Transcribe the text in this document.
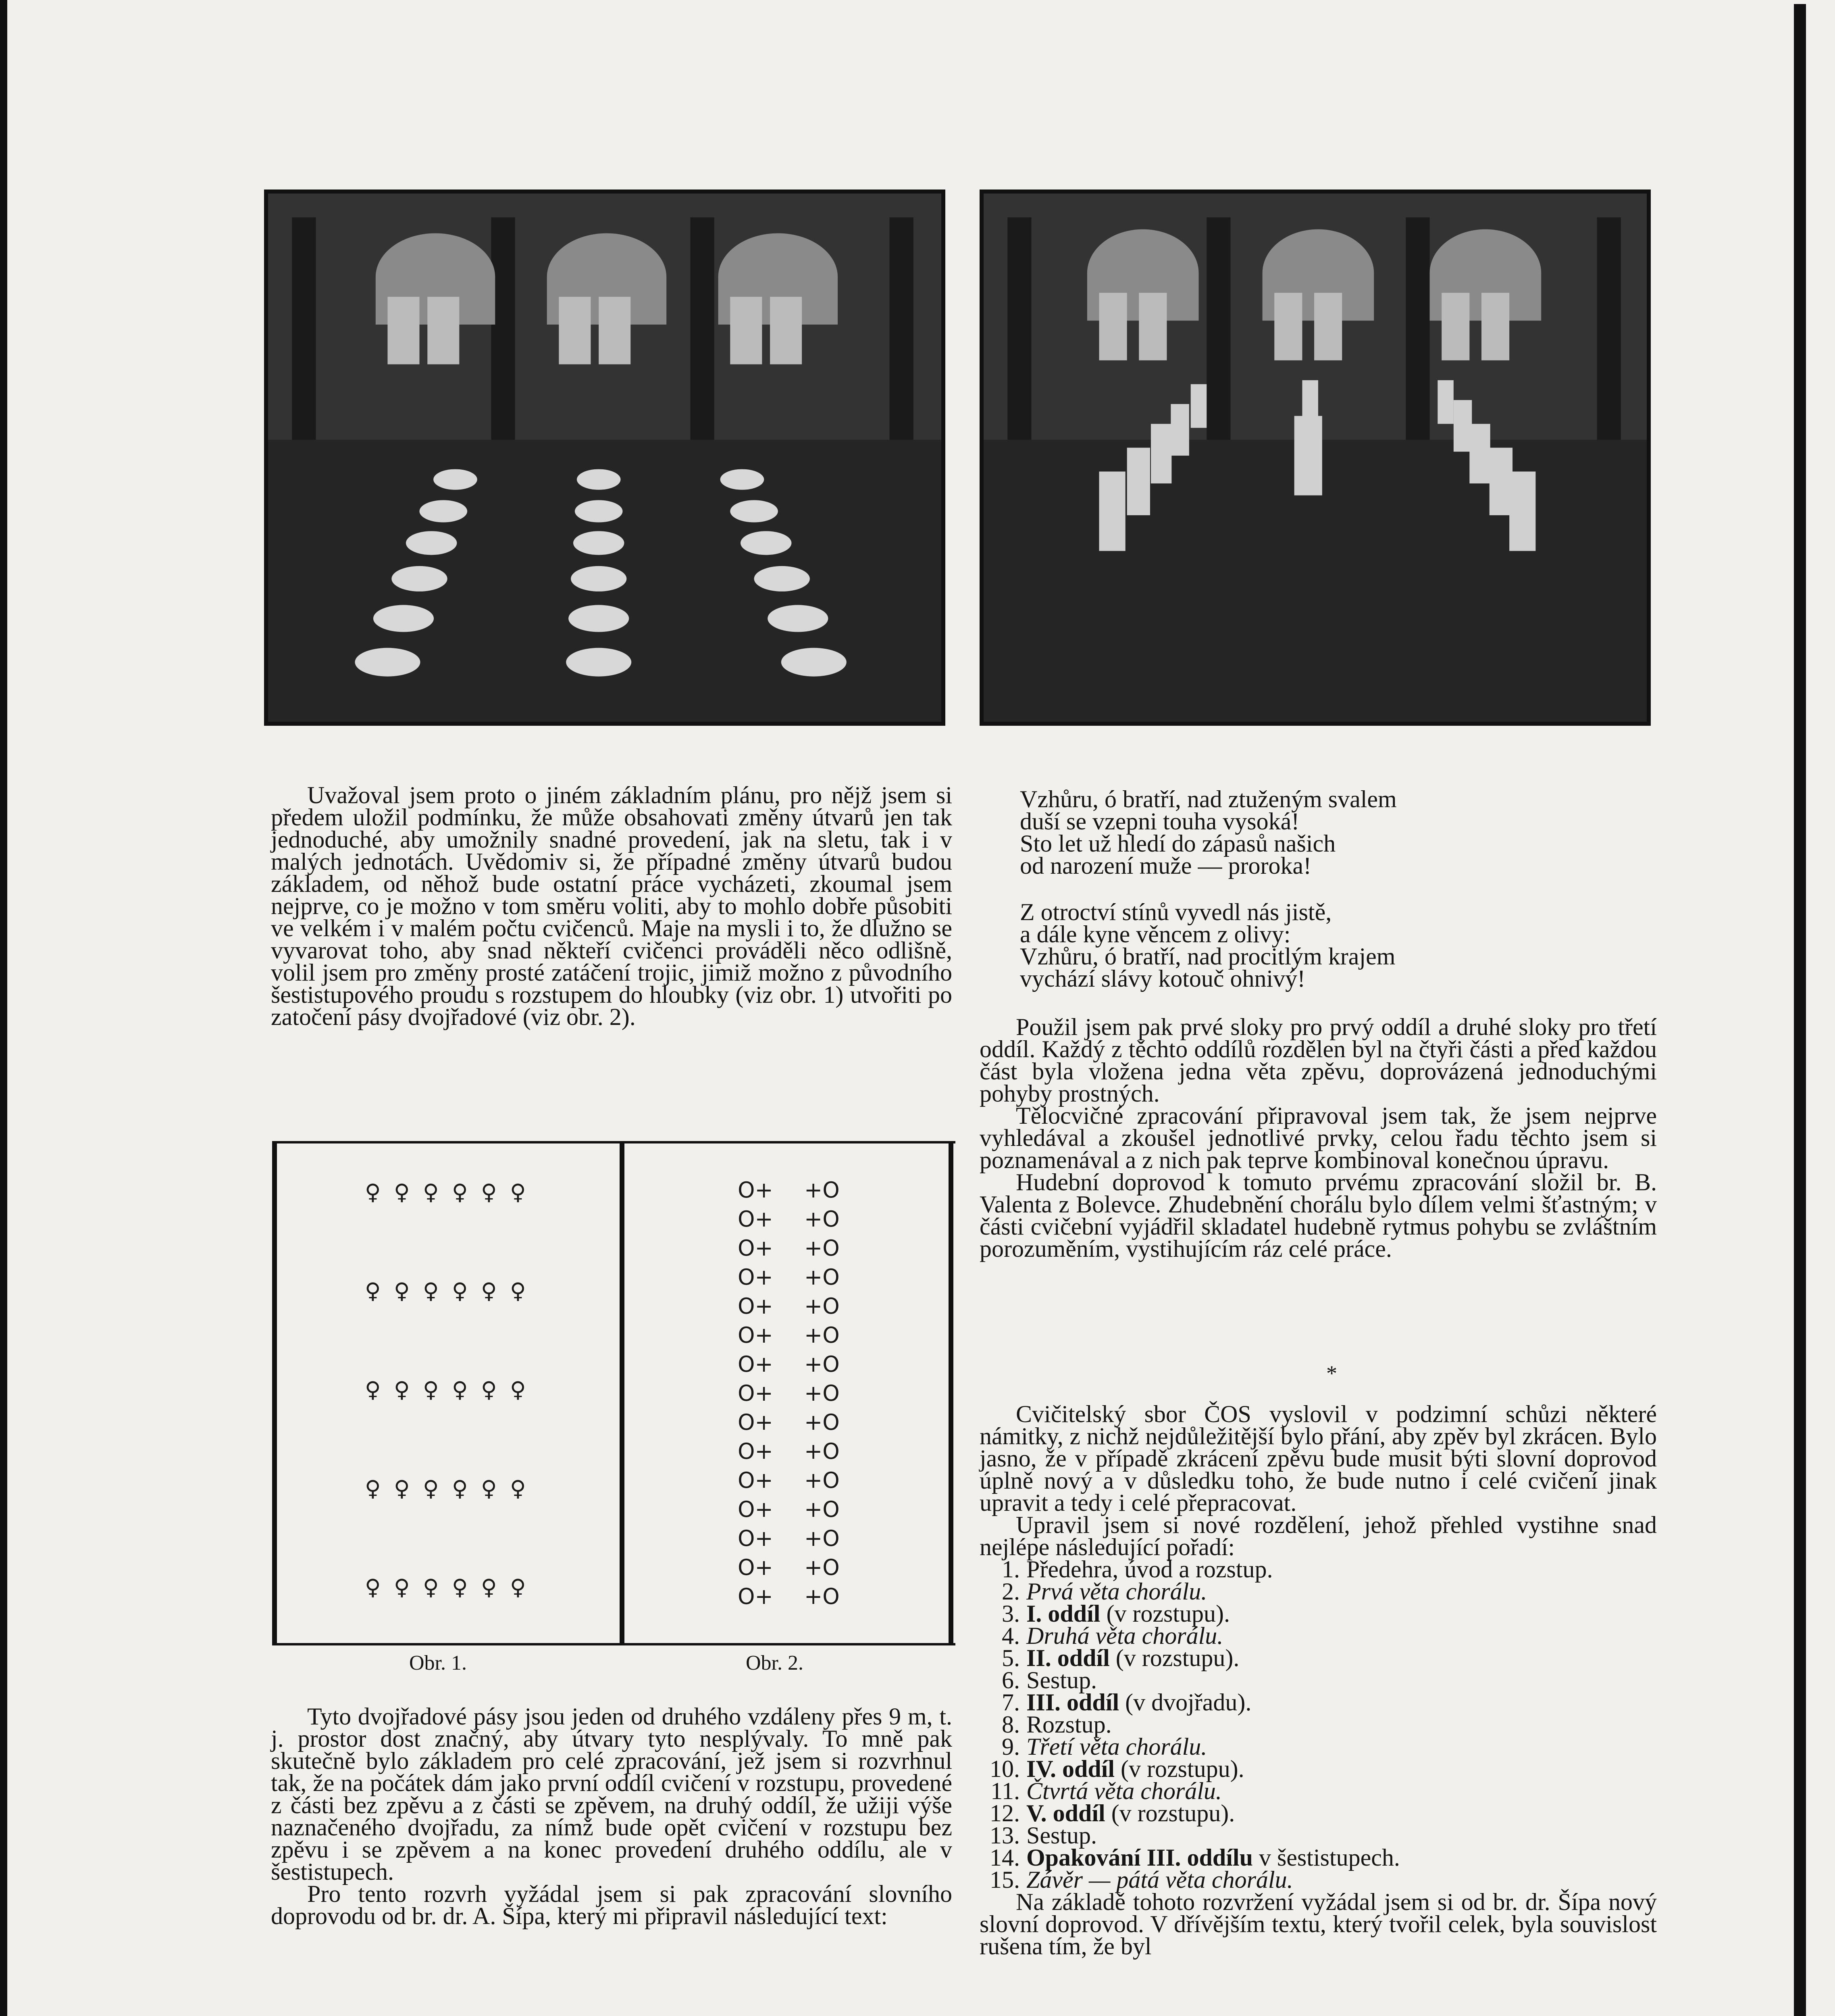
Uvažoval jsem proto o jiném základním plánu, pro nějž jsem si předem uložil podmínku, že může obsahovati změny útvarů jen tak jednoduché, aby umožnily snadné provedení, jak na sletu, tak i v malých jednotách. Uvědomiv si, že případné změny útvarů budou základem, od něhož bude ostatní práce vycházeti, zkoumal jsem nejprve, co je možno v tom směru voliti, aby to mohlo dobře působiti ve velkém i v malém počtu cvičenců. Maje na mysli i to, že dlužno se vyvarovat toho, aby snad někteří cvičenci prováděli něco odlišně, volil jsem pro změny prosté zatáčení trojic, jimiž možno z původního šestistupového proudu s rozstupem do hloubky (viz obr. 1) utvořiti po zatočení pásy dvojřadové (viz obr. 2).

♀ ♀ ♀ ♀ ♀ ♀
♀ ♀ ♀ ♀ ♀ ♀
♀ ♀ ♀ ♀ ♀ ♀
♀ ♀ ♀ ♀ ♀ ♀
♀ ♀ ♀ ♀ ♀ ♀
O+ +O
O+ +O
O+ +O
O+ +O
O+ +O
O+ +O
O+ +O
O+ +O
O+ +O
O+ +O
O+ +O
O+ +O
O+ +O
O+ +O
O+ +O
Obr. 1.	Obr. 2.

Tyto dvojřadové pásy jsou jeden od druhého vzdáleny přes 9 m, t. j. prostor dost značný, aby útvary tyto nesplývaly. To mně pak skutečně bylo základem pro celé zpracování, jež jsem si rozvrhnul tak, že na počátek dám jako první oddíl cvičení v rozstupu, provedené z části bez zpěvu a z části se zpěvem, na druhý oddíl, že užiji výše naznačeného dvojřadu, za nímž bude opět cvičení v rozstupu bez zpěvu i se zpěvem a na konec provedení druhého oddílu, ale v šestistupech.

Pro tento rozvrh vyžádal jsem si pak zpracování slovního doprovodu od br. dr. A. Šípa, který mi připravil následující text:

Vzhůru, ó bratří, nad ztuženým svalem
duší se vzepni touha vysoká!
Sto let už hledí do zápasů našich
od narození muže — proroka!
Z otroctví stínů vyvedl nás jistě,
a dále kyne věncem z olivy:
Vzhůru, ó bratří, nad procitlým krajem
vychází slávy kotouč ohnivý!

Použil jsem pak prvé sloky pro prvý oddíl a druhé sloky pro třetí oddíl. Každý z těchto oddílů rozdělen byl na čtyři části a před každou část byla vložena jedna věta zpěvu, doprovázená jednoduchými pohyby prostných.

Tělocvičné zpracování připravoval jsem tak, že jsem nejprve vyhledával a zkoušel jednotlivé prvky, celou řadu těchto jsem si poznamenával a z nich pak teprve kombinoval konečnou úpravu.

Hudební doprovod k tomuto prvému zpracování složil br. B. Valenta z Bolevce. Zhudebnění chorálu bylo dílem velmi šťastným; v části cvičební vyjádřil skladatel hudebně rytmus pohybu se zvláštním porozuměním, vystihujícím ráz celé práce.

*

Cvičitelský sbor ČOS vyslovil v podzimní schůzi některé námitky, z nichž nejdůležitější bylo přání, aby zpěv byl zkrácen. Bylo jasno, že v případě zkrácení zpěvu bude musit býti slovní doprovod úplně nový a v důsledku toho, že bude nutno i celé cvičení jinak upravit a tedy i celé přepracovat.

Upravil jsem si nové rozdělení, jehož přehled vystihne snad nejlépe následující pořadí:

1. Předehra, úvod a rozstup.
2. Prvá věta chorálu.
3. I. oddíl (v rozstupu).
4. Druhá věta chorálu.
5. II. oddíl (v rozstupu).
6. Sestup.
7. III. oddíl (v dvojřadu).
8. Rozstup.
9. Třetí věta chorálu.
10. IV. oddíl (v rozstupu).
11. Čtvrtá věta chorálu.
12. V. oddíl (v rozstupu).
13. Sestup.
14. Opakování III. oddílu v šestistupech.
15. Závěr — pátá věta chorálu.

Na základě tohoto rozvržení vyžádal jsem si od br. dr. Šípa nový slovní doprovod. V dřívějším textu, který tvořil celek, byla souvislost rušena tím, že byl
